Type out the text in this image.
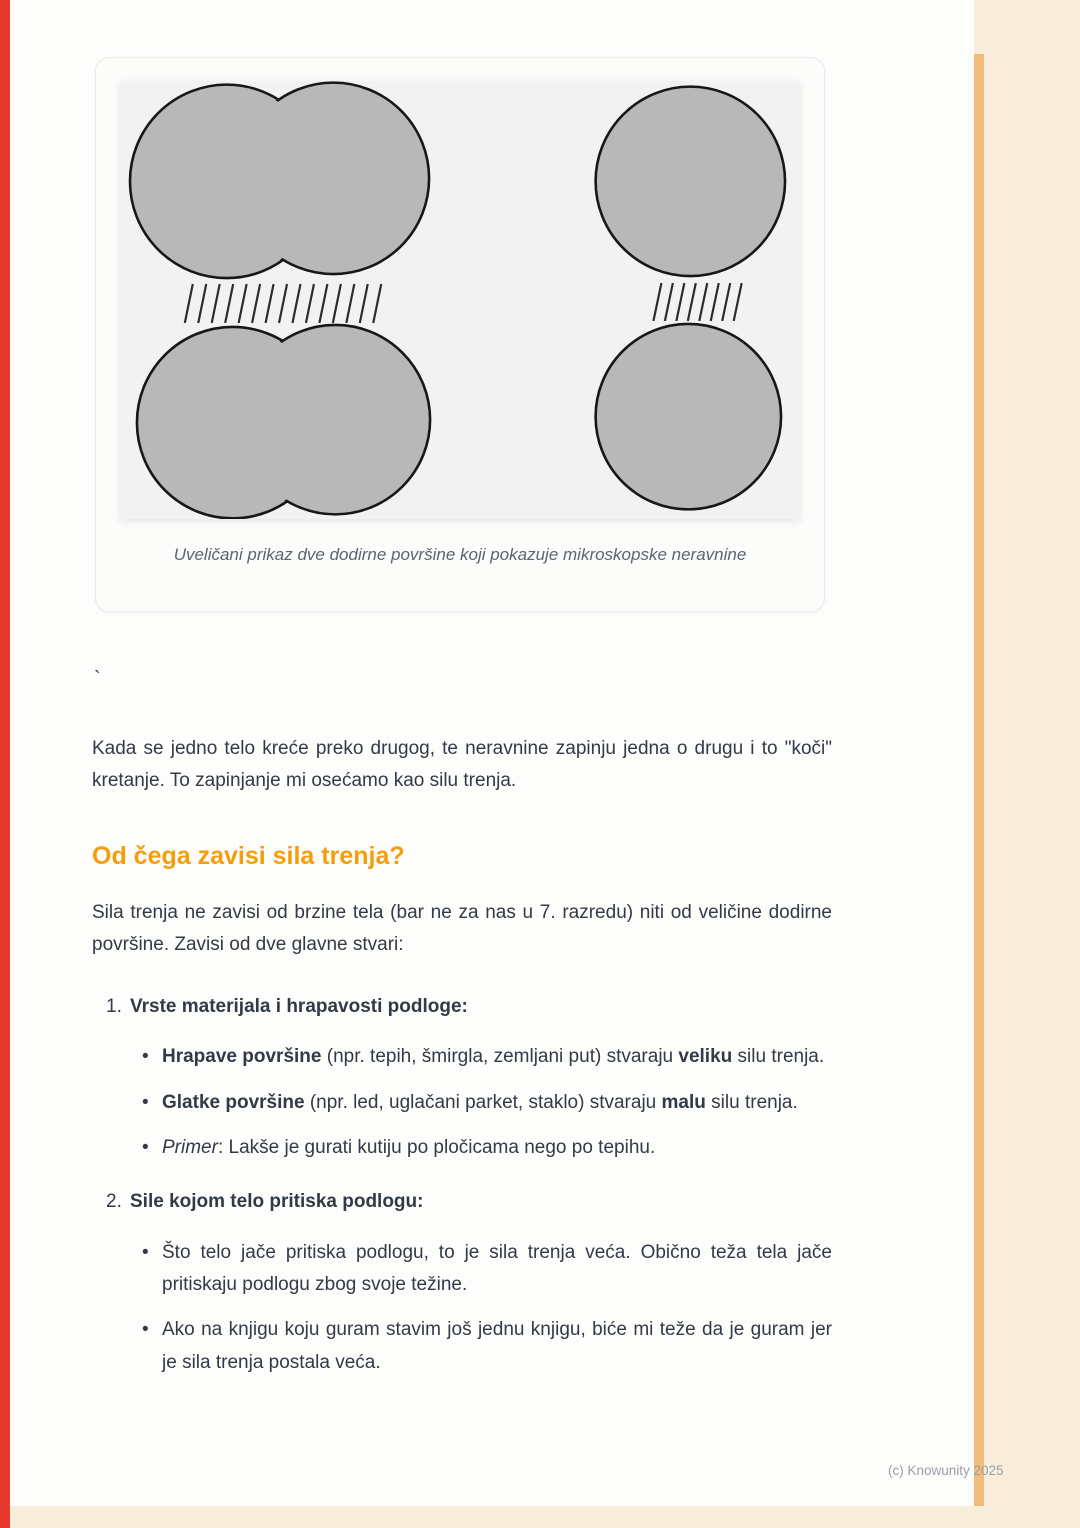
Uveličani prikaz dve dodirne površine koji pokazuje mikroskopske neravnine
`

Kada se jedno telo kreće preko drugog, te neravnine zapinju jedna o drugu i to "koči" kretanje. To zapinjanje mi osećamo kao silu trenja.

Od čega zavisi sila trenja?

Sila trenja ne zavisi od brzine tela (bar ne za nas u 7. razredu) niti od veličine dodirne površine. Zavisi od dve glavne stvari:

1. Vrste materijala i hrapavosti podloge:
• Hrapave površine (npr. tepih, šmirgla, zemljani put) stvaraju veliku silu trenja.
• Glatke površine (npr. led, uglačani parket, staklo) stvaraju malu silu trenja.
• Primer: Lakše je gurati kutiju po pločicama nego po tepihu.
2. Sile kojom telo pritiska podlogu:
• Što telo jače pritiska podlogu, to je sila trenja veća. Obično teža tela jače pritiskaju podlogu zbog svoje težine.
• Ako na knjigu koju guram stavim još jednu knjigu, biće mi teže da je guram jer je sila trenja postala veća.
(c) Knowunity 2025
